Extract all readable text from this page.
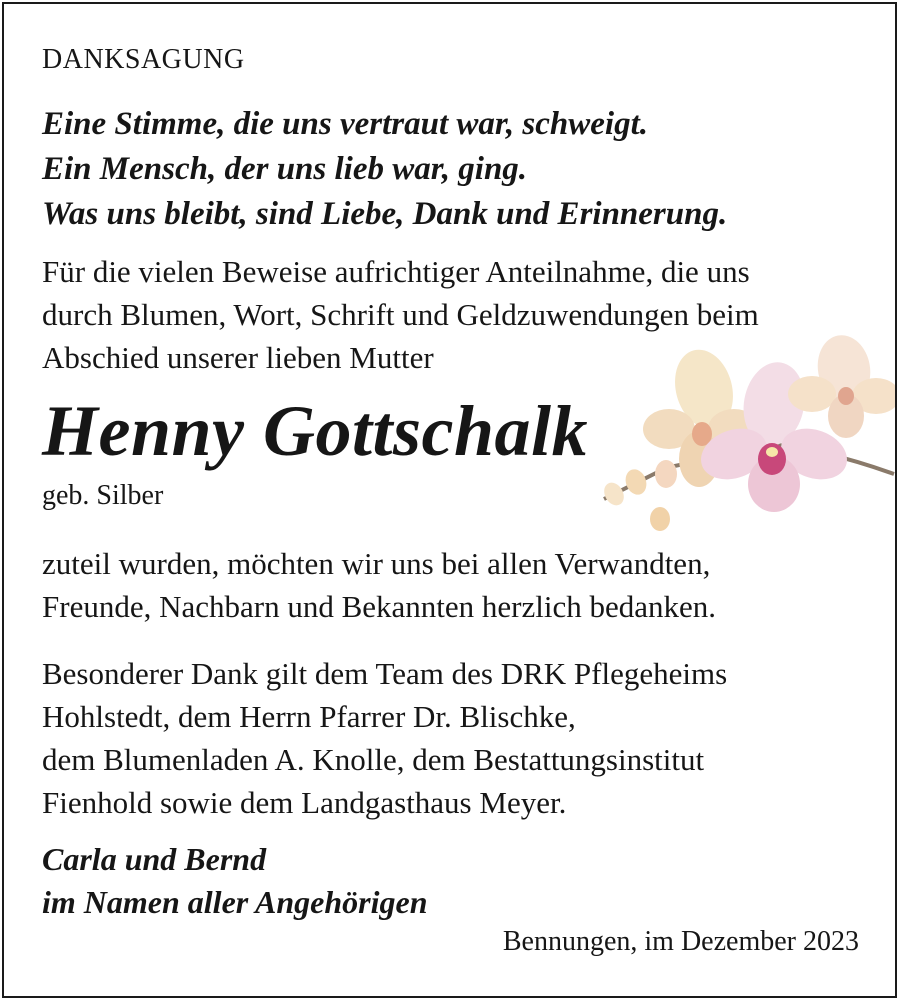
DANKSAGUNG

Eine Stimme, die uns vertraut war, schweigt.
Ein Mensch, der uns lieb war, ging.
Was uns bleibt, sind Liebe, Dank und Erinnerung.

Für die vielen Beweise aufrichtiger Anteilnahme, die uns
durch Blumen, Wort, Schrift und Geldzuwendungen beim
Abschied unserer lieben Mutter

Henny Gottschalk

geb. Silber

zuteil wurden, möchten wir uns bei allen Verwandten,
Freunde, Nachbarn und Bekannten herzlich bedanken.

Besonderer Dank gilt dem Team des DRK Pflegeheims
Hohlstedt, dem Herrn Pfarrer Dr. Blischke,
dem Blumenladen A. Knolle, dem Bestattungsinstitut
Fienhold sowie dem Landgasthaus Meyer.

Carla und Bernd
im Namen aller Angehörigen

Bennungen, im Dezember 2023
